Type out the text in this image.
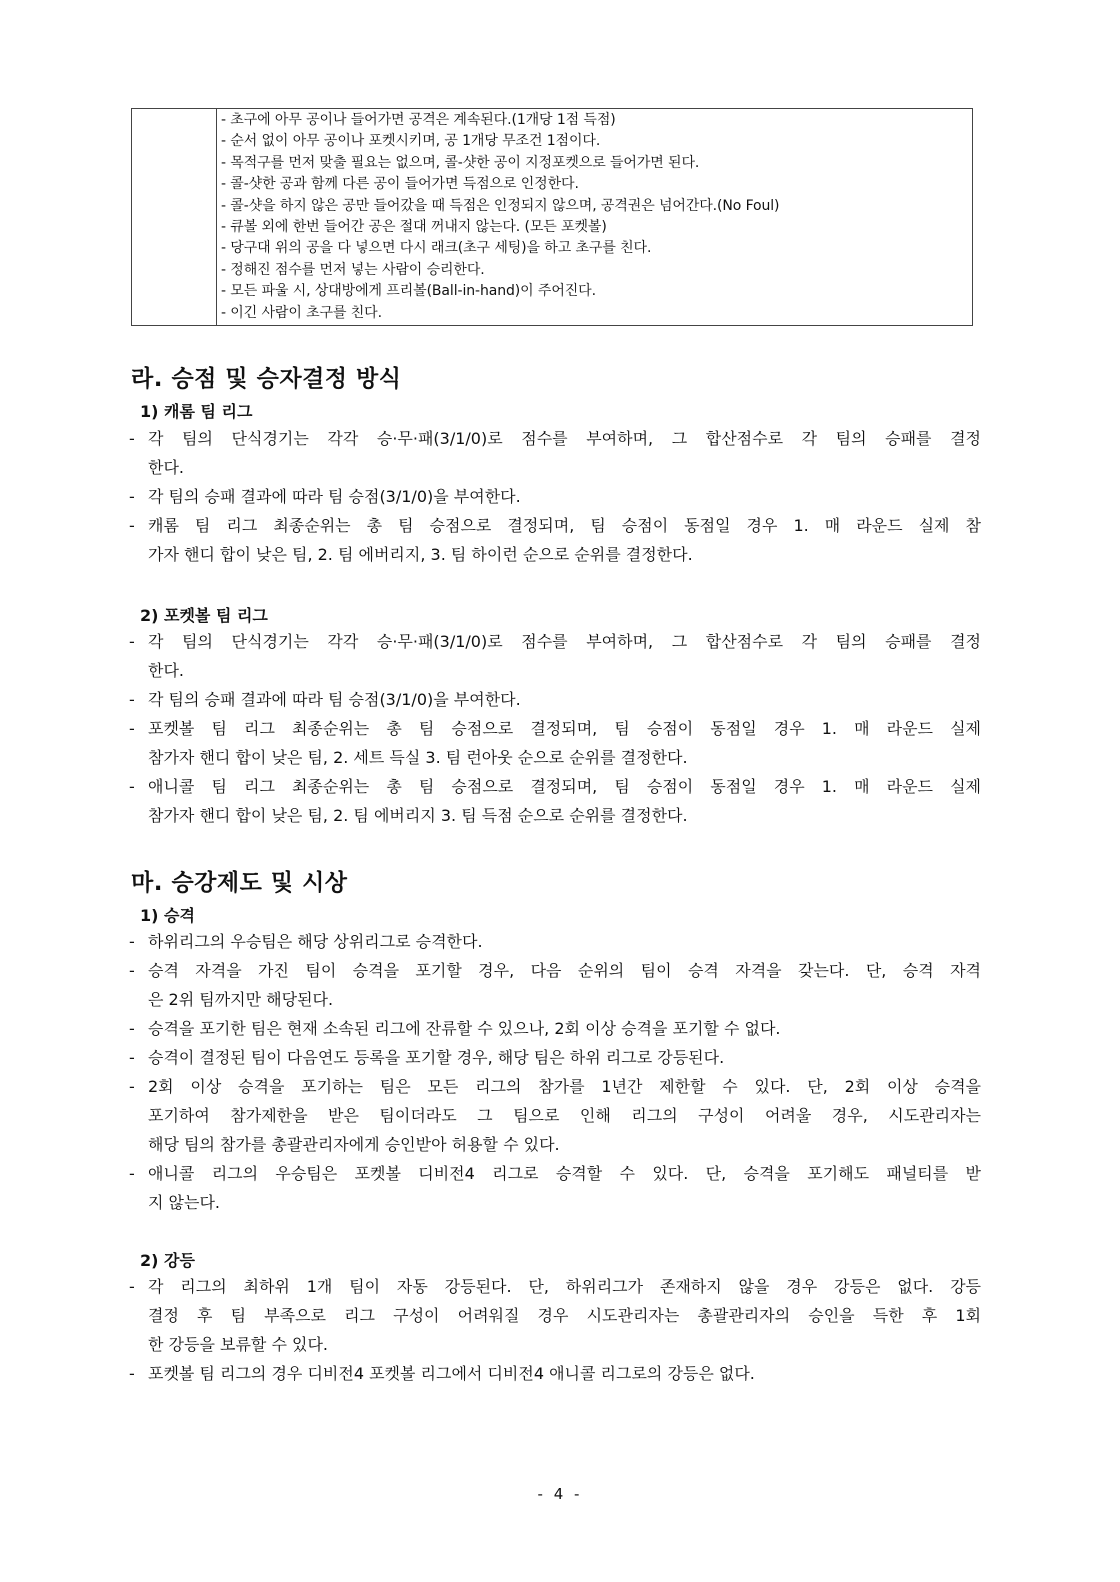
- 초구에 아무 공이나 들어가면 공격은 계속된다.(1개당 1점 득점)
- 순서 없이 아무 공이나 포켓시키며, 공 1개당 무조건 1점이다.
- 목적구를 먼저 맞출 필요는 없으며, 콜-샷한 공이 지정포켓으로 들어가면 된다.
- 콜-샷한 공과 함께 다른 공이 들어가면 득점으로 인정한다.
- 콜-샷을 하지 않은 공만 들어갔을 때 득점은 인정되지 않으며, 공격권은 넘어간다.(No Foul)
- 큐볼 외에 한번 들어간 공은 절대 꺼내지 않는다. (모든 포켓볼)
- 당구대 위의 공을 다 넣으면 다시 래크(초구 세팅)을 하고 초구를 친다.
- 정해진 점수를 먼저 넣는 사람이 승리한다.
- 모든 파울 시, 상대방에게 프리볼(Ball-in-hand)이 주어진다.
- 이긴 사람이 초구를 친다.
라. 승점 및 승자결정 방식
1) 캐롬 팀 리그
- 각 팀의 단식경기는 각각 승·무·패(3/1/0)로 점수를 부여하며, 그 합산점수로 각 팀의 승패를 결정
한다.
- 각 팀의 승패 결과에 따라 팀 승점(3/1/0)을 부여한다.
- 캐롬 팀 리그 최종순위는 총 팀 승점으로 결정되며, 팀 승점이 동점일 경우 1. 매 라운드 실제 참
가자 핸디 합이 낮은 팀, 2. 팀 에버리지, 3. 팀 하이런 순으로 순위를 결정한다.
2) 포켓볼 팀 리그
- 각 팀의 단식경기는 각각 승·무·패(3/1/0)로 점수를 부여하며, 그 합산점수로 각 팀의 승패를 결정
한다.
- 각 팀의 승패 결과에 따라 팀 승점(3/1/0)을 부여한다.
- 포켓볼 팀 리그 최종순위는 총 팀 승점으로 결정되며, 팀 승점이 동점일 경우 1. 매 라운드 실제
참가자 핸디 합이 낮은 팀, 2. 세트 득실 3. 팀 런아웃 순으로 순위를 결정한다.
- 애니콜 팀 리그 최종순위는 총 팀 승점으로 결정되며, 팀 승점이 동점일 경우 1. 매 라운드 실제
참가자 핸디 합이 낮은 팀, 2. 팀 에버리지 3. 팀 득점 순으로 순위를 결정한다.
마. 승강제도 및 시상
1) 승격
- 하위리그의 우승팀은 해당 상위리그로 승격한다.
- 승격 자격을 가진 팀이 승격을 포기할 경우, 다음 순위의 팀이 승격 자격을 갖는다. 단, 승격 자격
은 2위 팀까지만 해당된다.
- 승격을 포기한 팀은 현재 소속된 리그에 잔류할 수 있으나, 2회 이상 승격을 포기할 수 없다.
- 승격이 결정된 팀이 다음연도 등록을 포기할 경우, 해당 팀은 하위 리그로 강등된다.
- 2회 이상 승격을 포기하는 팀은 모든 리그의 참가를 1년간 제한할 수 있다. 단, 2회 이상 승격을
포기하여 참가제한을 받은 팀이더라도 그 팀으로 인해 리그의 구성이 어려울 경우, 시도관리자는
해당 팀의 참가를 총괄관리자에게 승인받아 허용할 수 있다.
- 애니콜 리그의 우승팀은 포켓볼 디비전4 리그로 승격할 수 있다. 단, 승격을 포기해도 패널티를 받
지 않는다.
2) 강등
- 각 리그의 최하위 1개 팀이 자동 강등된다. 단, 하위리그가 존재하지 않을 경우 강등은 없다. 강등
결정 후 팀 부족으로 리그 구성이 어려워질 경우 시도관리자는 총괄관리자의 승인을 득한 후 1회
한 강등을 보류할 수 있다.
- 포켓볼 팀 리그의 경우 디비전4 포켓볼 리그에서 디비전4 애니콜 리그로의 강등은 없다.
- 4 -
